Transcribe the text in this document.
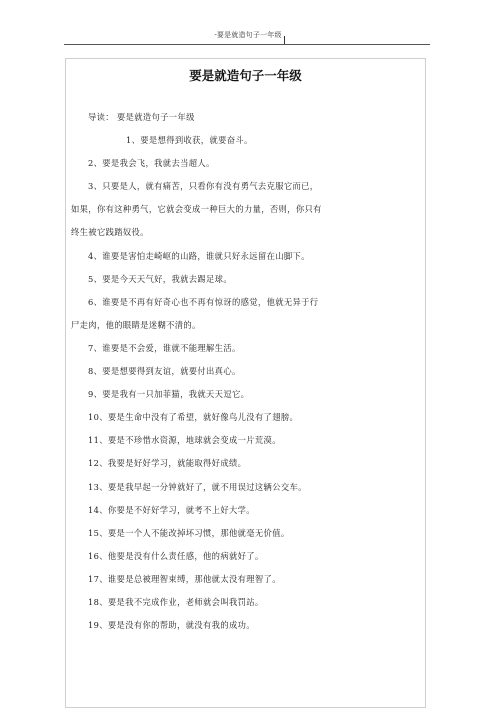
-要是就造句子一年级
要是就造句子一年级
导读： 要是就造句子一年级
1、要是想得到收获，就要奋斗。
2、要是我会飞，我就去当超人。
3、只要是人，就有痛苦，只看你有没有勇气去克服它而已，
如果，你有这种勇气，它就会变成一种巨大的力量，否则，你只有
终生被它践踏奴役。
4、谁要是害怕走崎岖的山路，谁就只好永远留在山脚下。
5、要是今天天气好，我就去踢足球。
6、谁要是不再有好奇心也不再有惊讶的感觉，他就无异于行
尸走肉，他的眼睛是迷糊不清的。
7、谁要是不会爱，谁就不能理解生活。
8、要是想要得到友谊，就要付出真心。
9、要是我有一只加菲猫，我就天天逗它。
10、要是生命中没有了希望，就好像鸟儿没有了翅膀。
11、要是不珍惜水资源，地球就会变成一片荒漠。
12、我要是好好学习，就能取得好成绩。
13、要是我早起一分钟就好了，就不用误过这辆公交车。
14、你要是不好好学习，就考不上好大学。
15、要是一个人不能改掉坏习惯，那他就毫无价值。
16、他要是没有什么责任感，他的病就好了。
17、谁要是总被理智束缚，那他就太没有理智了。
18、要是我不完成作业，老师就会叫我罚站。
19、要是没有你的帮助，就没有我的成功。
